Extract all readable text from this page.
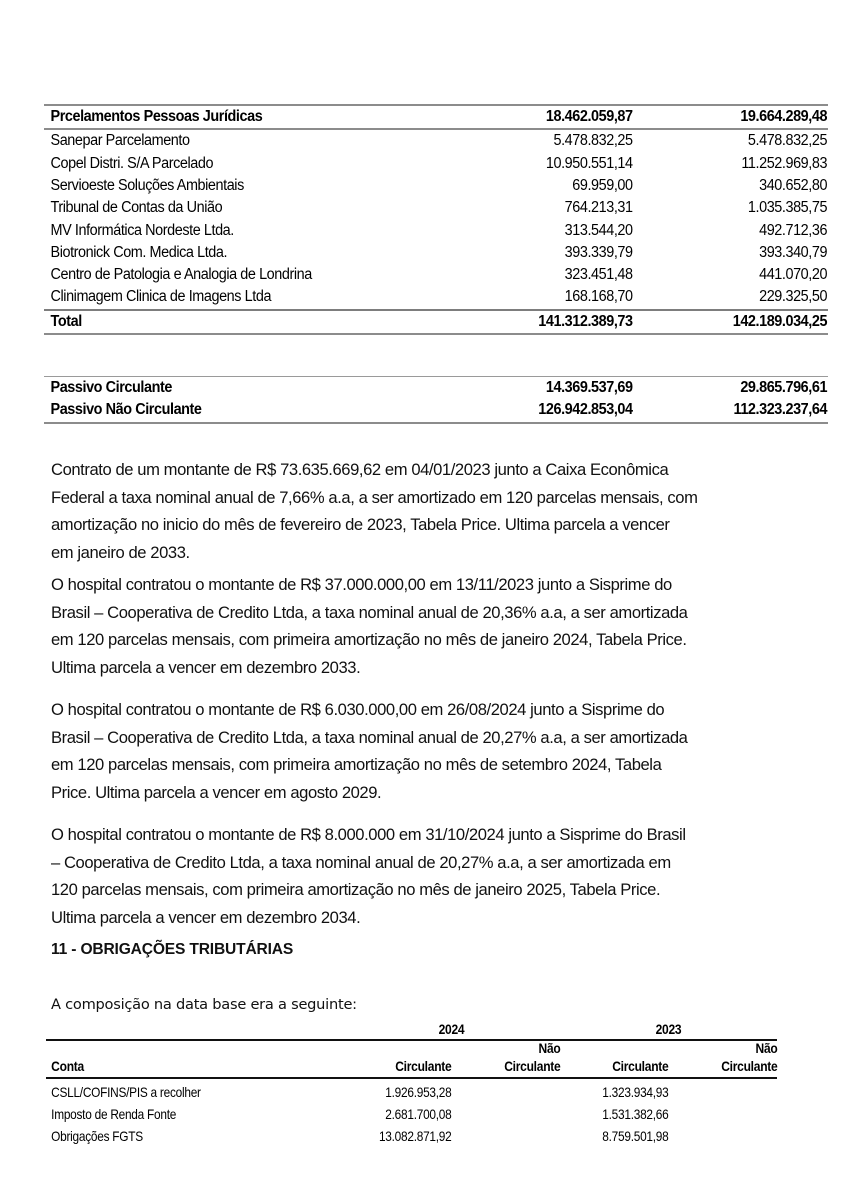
Prcelamentos Pessoas Jurídicas	18.462.059,87	19.664.289,48
Sanepar Parcelamento	5.478.832,25	5.478.832,25
Copel Distri. S/A Parcelado	10.950.551,14	11.252.969,83
Servioeste Soluções Ambientais	69.959,00	340.652,80
Tribunal de Contas da União	764.213,31	1.035.385,75
MV Informática Nordeste Ltda.	313.544,20	492.712,36
Biotronick Com. Medica Ltda.	393.339,79	393.340,79
Centro de Patologia e Analogia de Londrina	323.451,48	441.070,20
Clinimagem Clinica de Imagens Ltda	168.168,70	229.325,50
Total	141.312.389,73	142.189.034,25
Passivo Circulante	14.369.537,69	29.865.796,61
Passivo Não Circulante	126.942.853,04	112.323.237,64
Contrato de um montante de R$ 73.635.669,62 em 04/01/2023 junto a Caixa Econômica
Federal a taxa nominal anual de 7,66% a.a, a ser amortizado em 120 parcelas mensais, com
amortização no inicio do mês de fevereiro de 2023, Tabela Price. Ultima parcela a vencer
em janeiro de 2033.
O hospital contratou o montante de R$ 37.000.000,00 em 13/11/2023 junto a Sisprime do
Brasil – Cooperativa de Credito Ltda, a taxa nominal anual de 20,36% a.a, a ser amortizada
em 120 parcelas mensais, com primeira amortização no mês de janeiro 2024, Tabela Price.
Ultima parcela a vencer em dezembro 2033.
O hospital contratou o montante de R$ 6.030.000,00 em 26/08/2024 junto a Sisprime do
Brasil – Cooperativa de Credito Ltda, a taxa nominal anual de 20,27% a.a, a ser amortizada
em 120 parcelas mensais, com primeira amortização no mês de setembro 2024, Tabela
Price. Ultima parcela a vencer em agosto 2029.
O hospital contratou o montante de R$ 8.000.000 em 31/10/2024 junto a Sisprime do Brasil
– Cooperativa de Credito Ltda, a taxa nominal anual de 20,27% a.a, a ser amortizada em
120 parcelas mensais, com primeira amortização no mês de janeiro 2025, Tabela Price.
Ultima parcela a vencer em dezembro 2034.
11 - OBRIGAÇÕES TRIBUTÁRIAS
A composição na data base era a seguinte:
		2024		2023	
			Não		Não
Conta		Circulante	Circulante	Circulante	Circulante
CSLL/COFINS/PIS a recolher		1.926.953,28		1.323.934,93	
Imposto de Renda Fonte		2.681.700,08		1.531.382,66	
Obrigações FGTS		13.082.871,92		8.759.501,98	
